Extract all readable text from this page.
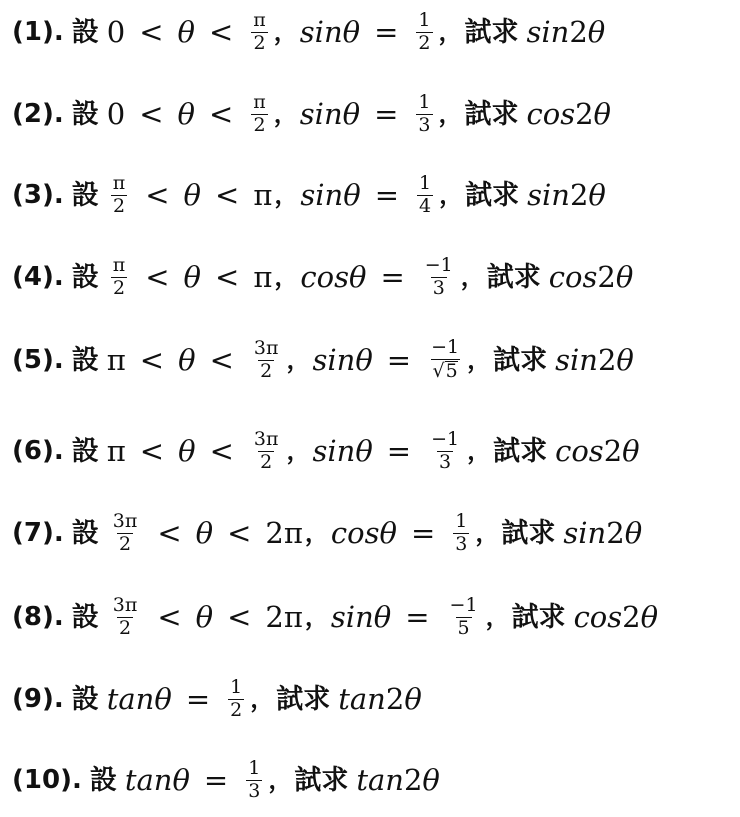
(1). 設 $0 < \theta < \frac{\pi}{2}$ ， $\sin \theta = \frac{1}{2}$ ， 試求 sin 2 θ
(2). 設 $0 < \theta < \frac{\pi}{2}$ ， $\sin \theta = \frac{1}{3}$ ， 試求 cos 2 θ
(3). 設 $\frac{\pi}{2} < \theta < \pi$ ， $\sin \theta = \frac{1}{4}$ ， 試求 sin 2 θ
(4). 設 $\frac{\pi}{2} < \theta < \pi$ ， $\cos \theta = \frac{-1}{3}$ ， 試求 cos 2 θ
(5). 設 $\pi < \theta < \frac{3\pi}{2}$ ， $\sin \theta = \frac{-1}{√ 5}$ ， 試求 sin 2 θ
(6). 設 $\pi < \theta < \frac{3\pi}{2}$ ， $\sin \theta = \frac{-1}{3}$ ， 試求 cos 2 θ
(7). 設 $\frac{3\pi}{2} < \theta < 2\pi$ ， $\cos \theta = \frac{1}{3}$ ， 試求 sin 2 θ
(8). 設 $\frac{3\pi}{2} < \theta < 2\pi$ ， $\sin \theta = \frac{-1}{5}$ ， 試求 cos 2 θ
(9). 設 $\tan \theta = \frac{1}{2}$ ， 試求 tan 2 θ
(10). 設 $\tan \theta = \frac{1}{3}$ ， 試求 tan 2 θ
